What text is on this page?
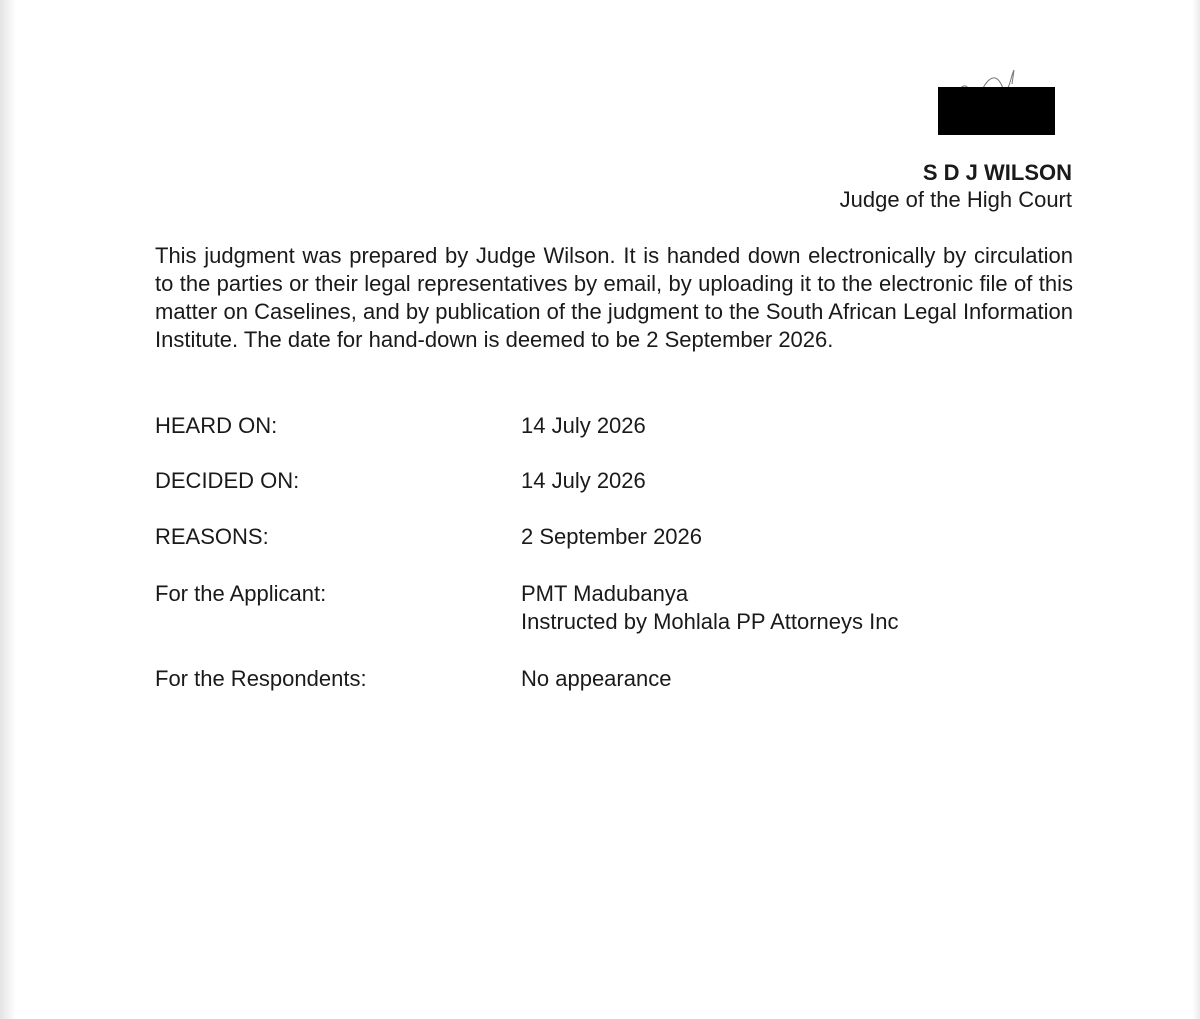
S D J WILSON
Judge of the High Court

This judgment was prepared by Judge Wilson. It is handed down electronically by circulation to the parties or their legal representatives by email, by uploading it to the electronic file of this matter on Caselines, and by publication of the judgment to the South African Legal Information Institute. The date for hand-down is deemed to be 2 September 2026.

HEARD ON:	14 July 2026
DECIDED ON:	14 July 2026
REASONS:	2 September 2026
For the Applicant:	PMT Madubanya
Instructed by Mohlala PP Attorneys Inc
For the Respondents:	No appearance
